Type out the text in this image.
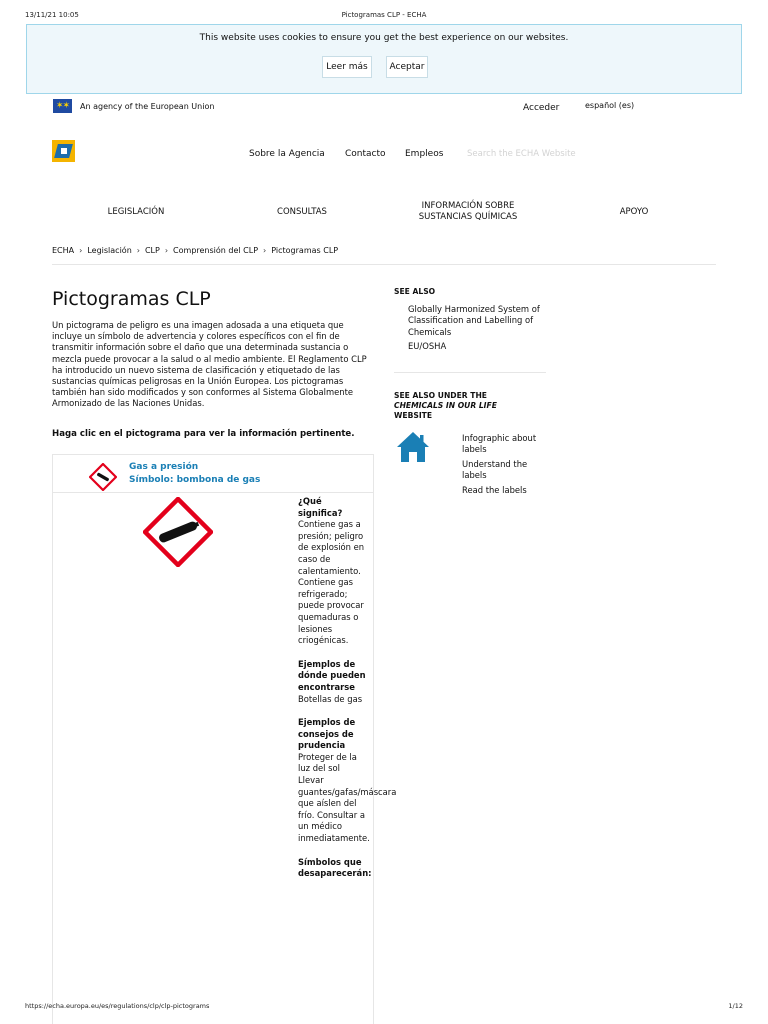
13/11/21 10:05	Pictogramas CLP - ECHA
This website uses cookies to ensure you get the best experience on our websites.
Leer más	Aceptar
✶✶ An agency of the European Union	Acceder	español (es)
Sobre la Agencia Contacto Empleos
Search the ECHA Website
LEGISLACIÓN	CONSULTAS
INFORMACIÓN SOBRE SUSTANCIAS QUÍMICAS	APOYO
ECHA › Legislación › CLP › Comprensión del CLP › Pictogramas CLP
Pictogramas CLP

Un pictograma de peligro es una imagen adosada a una etiqueta que incluye un símbolo de advertencia y colores específicos con el fin de transmitir información sobre el daño que una determinada sustancia o mezcla puede provocar a la salud o al medio ambiente. El Reglamento CLP ha introducido un nuevo sistema de clasificación y etiquetado de las sustancias químicas peligrosas en la Unión Europea. Los pictogramas también han sido modificados y son conformes al Sistema Globalmente Armonizado de las Naciones Unidas.

Haga clic en el pictograma para ver la información pertinente.

Gas a presión
Símbolo: bombona de gas
¿Qué significa?
Contiene gas a presión; peligro de explosión en caso de calentamiento. Contiene gas refrigerado; puede provocar quemaduras o lesiones criogénicas.
Ejemplos de dónde pueden encontrarse
Botellas de gas
Ejemplos de consejos de prudencia
Proteger de la luz del sol Llevar guantes/gafas/máscara que aíslen del frío. Consultar a un médico inmediatamente.
Símbolos que desaparecerán:
SEE ALSO
Globally Harmonized System of Classification and Labelling of Chemicals
EU/OSHA
SEE ALSO UNDER THE
CHEMICALS IN OUR LIFE
WEBSITE
Infographic about labels
Understand the labels
Read the labels
https://echa.europa.eu/es/regulations/clp/clp-pictograms	1/12
